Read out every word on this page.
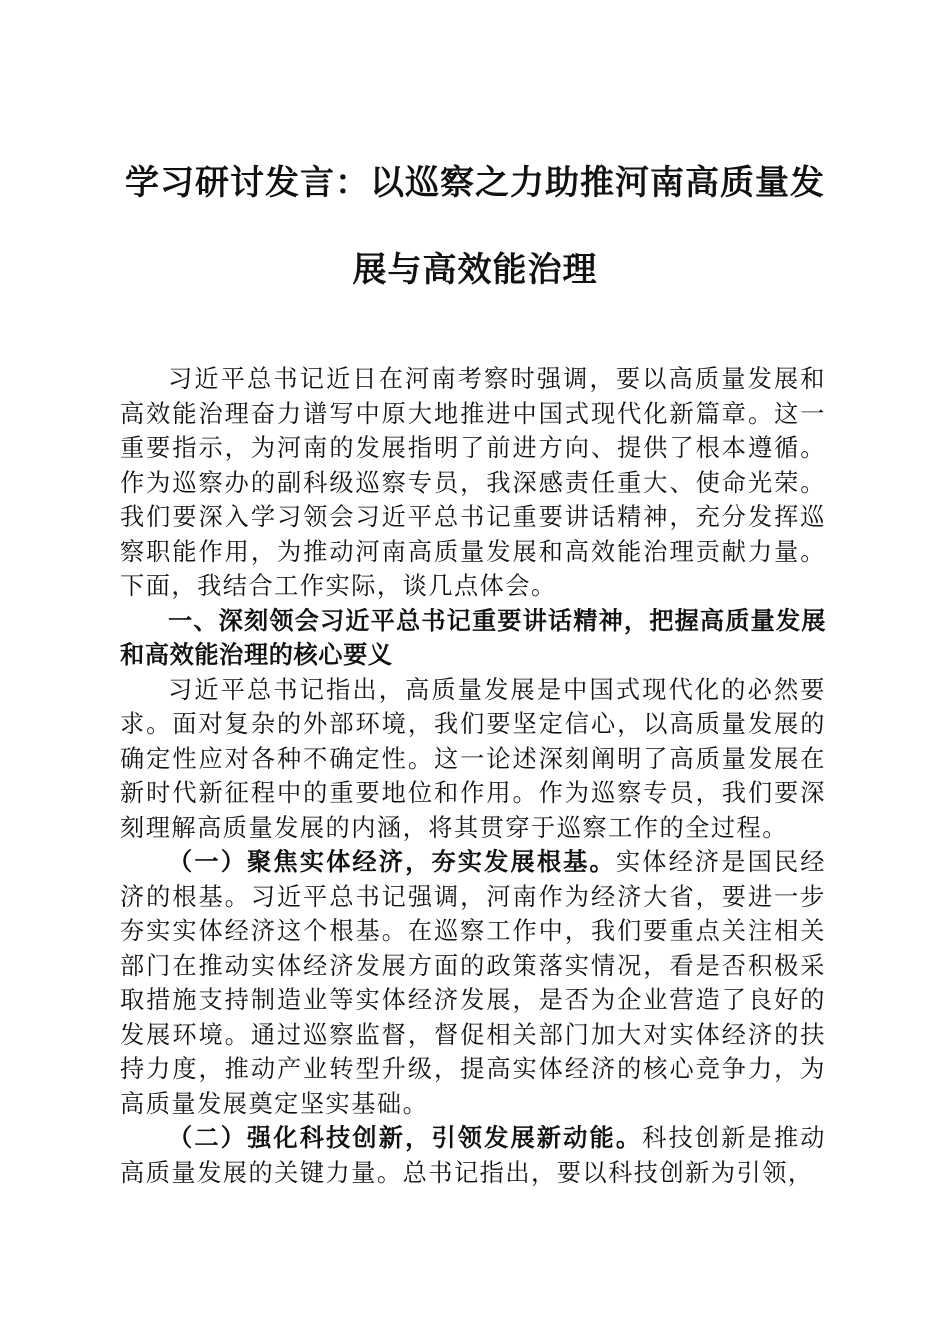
学习研讨发言：以巡察之力助推河南高质量发
展与高效能治理

习近平总书记近日在河南考察时强调，要以高质量发展和高效能治理奋力谱写中原大地推进中国式现代化新篇章。这一重要指示，为河南的发展指明了前进方向、提供了根本遵循。作为巡察办的副科级巡察专员，我深感责任重大、使命光荣。我们要深入学习领会习近平总书记重要讲话精神，充分发挥巡察职能作用，为推动河南高质量发展和高效能治理贡献力量。下面，我结合工作实际，谈几点体会。

一、深刻领会习近平总书记重要讲话精神，把握高质量发展和高效能治理的核心要义

习近平总书记指出，高质量发展是中国式现代化的必然要求。面对复杂的外部环境，我们要坚定信心，以高质量发展的确定性应对各种不确定性。这一论述深刻阐明了高质量发展在新时代新征程中的重要地位和作用。作为巡察专员，我们要深刻理解高质量发展的内涵，将其贯穿于巡察工作的全过程。

（一）聚焦实体经济，夯实发展根基。实体经济是国民经济的根基。习近平总书记强调，河南作为经济大省，要进一步夯实实体经济这个根基。在巡察工作中，我们要重点关注相关部门在推动实体经济发展方面的政策落实情况，看是否积极采取措施支持制造业等实体经济发展，是否为企业营造了良好的发展环境。通过巡察监督，督促相关部门加大对实体经济的扶持力度，推动产业转型升级，提高实体经济的核心竞争力，为高质量发展奠定坚实基础。

（二）强化科技创新，引领发展新动能。科技创新是推动高质量发展的关键力量。总书记指出，要以科技创新为引领，
